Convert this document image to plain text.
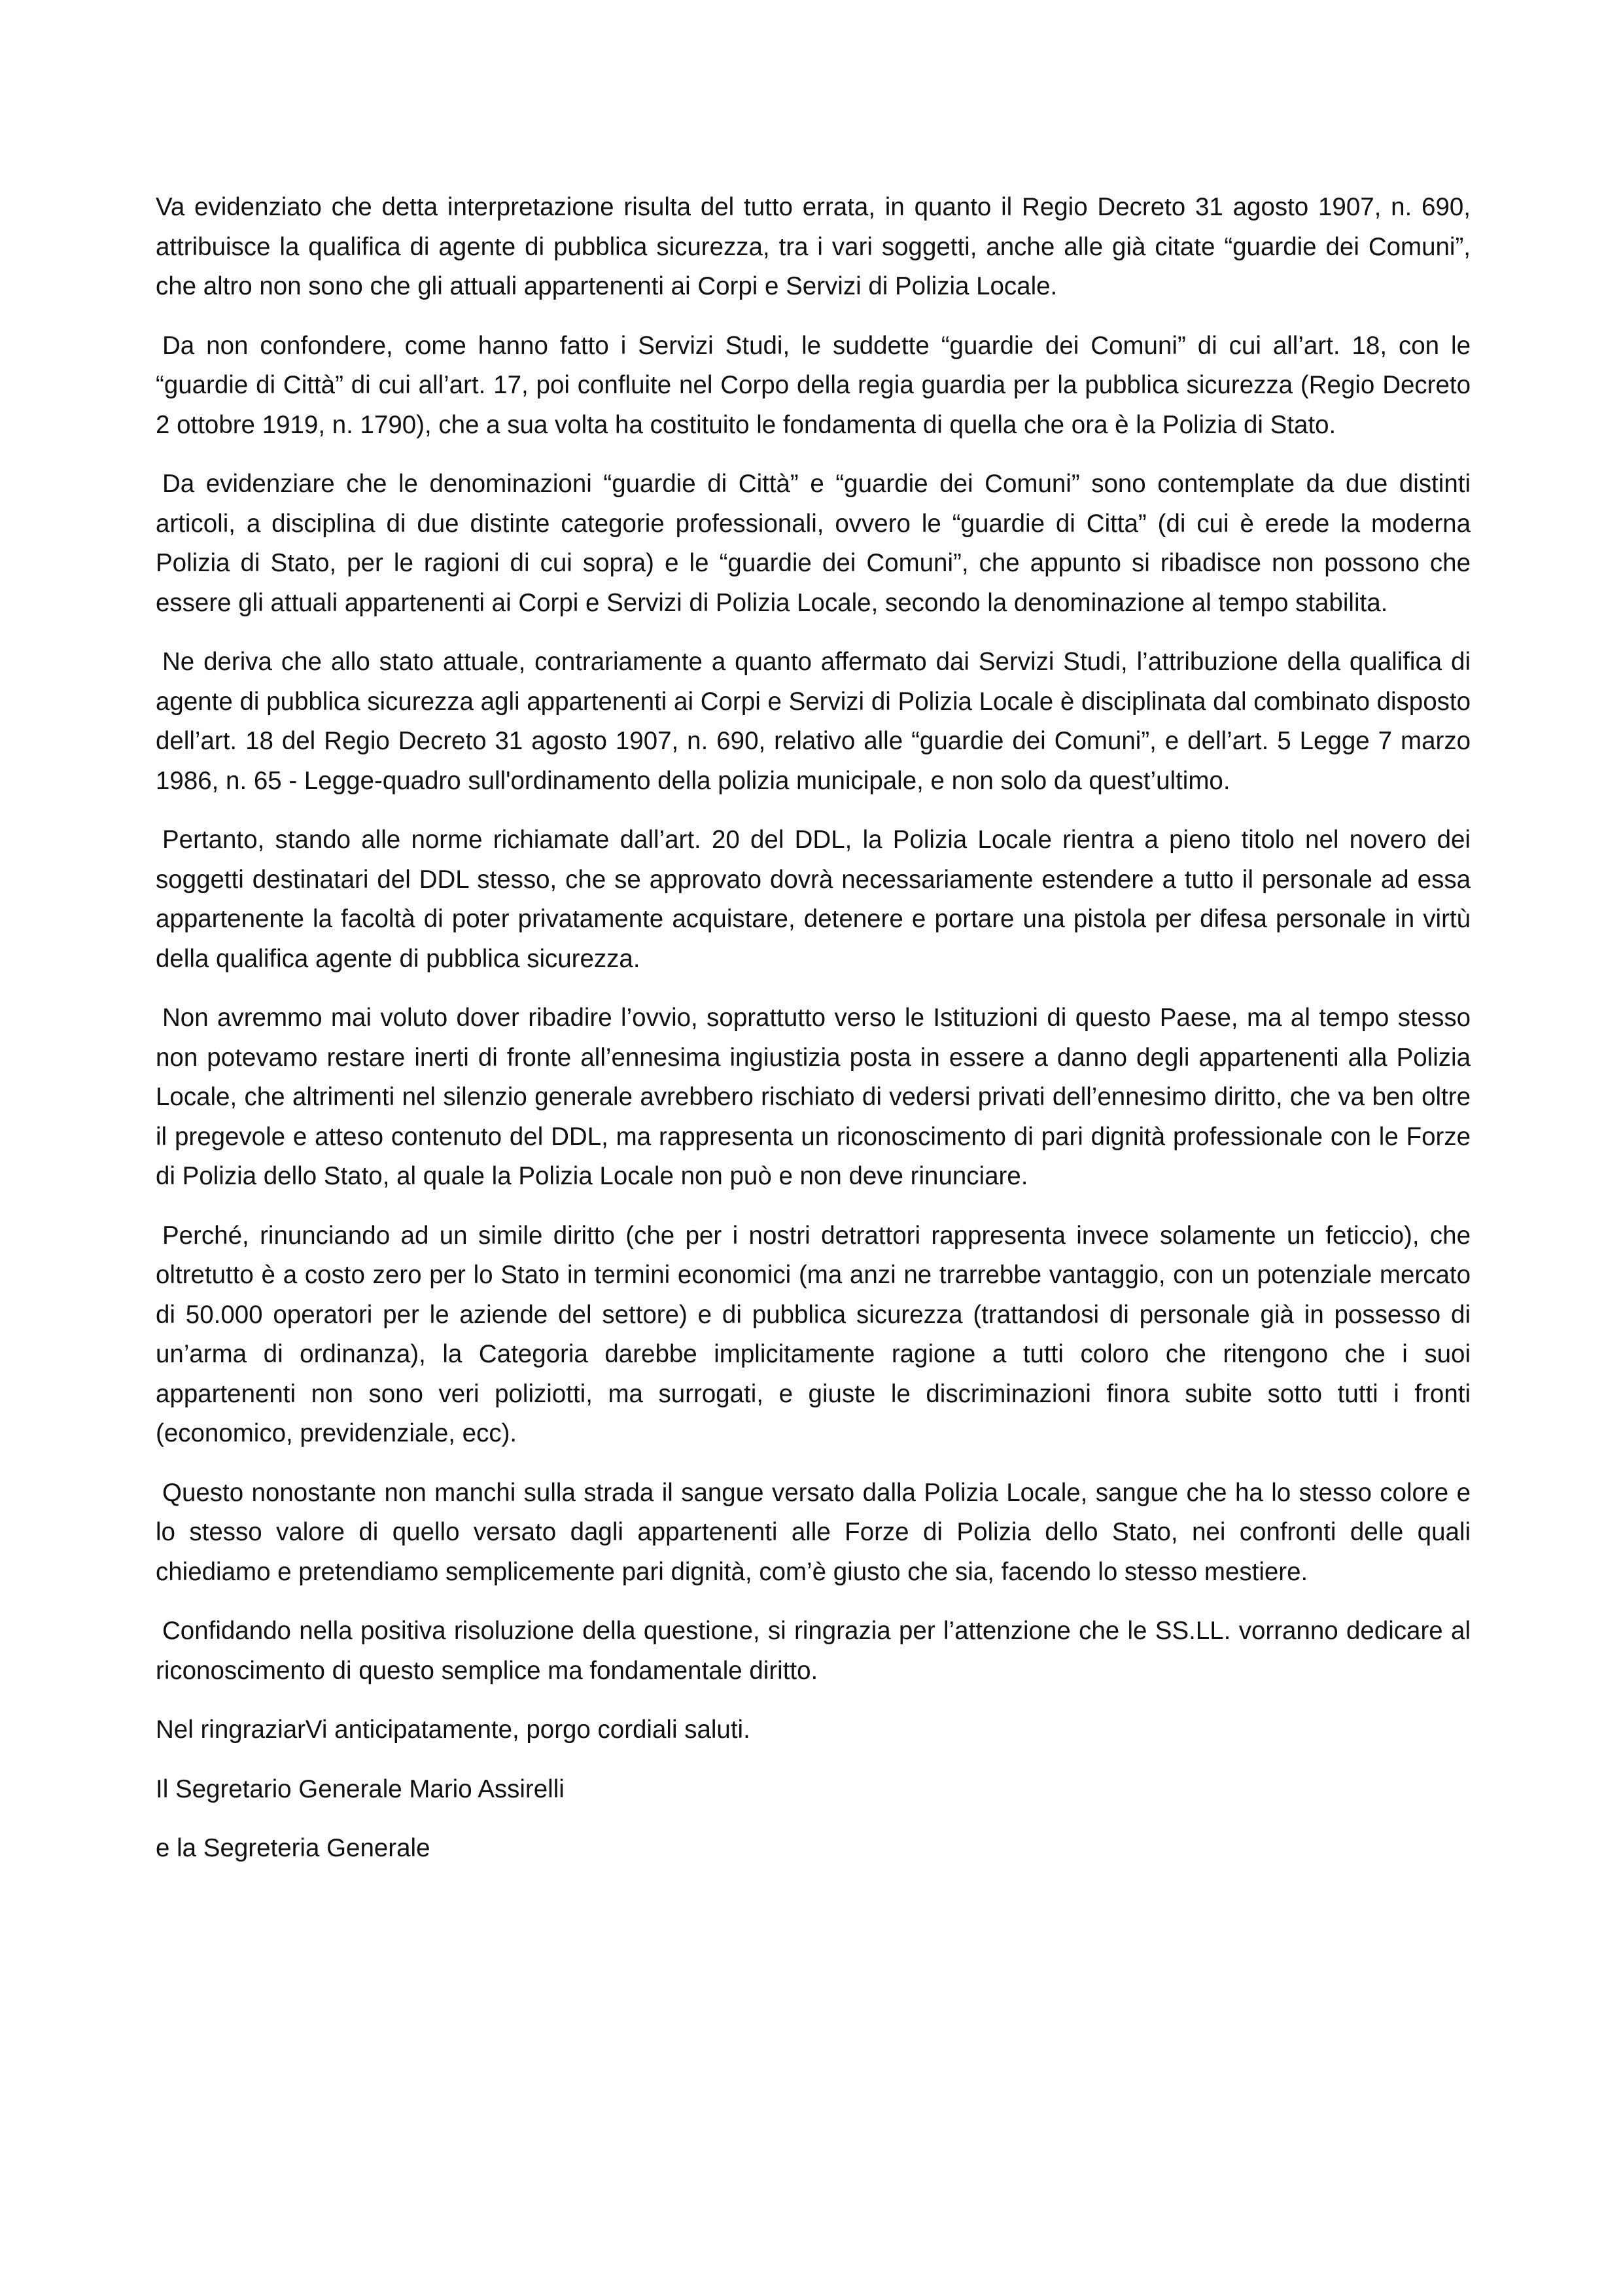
Va evidenziato che detta interpretazione risulta del tutto errata, in quanto il Regio Decreto 31 agosto 1907, n. 690, attribuisce la qualifica di agente di pubblica sicurezza, tra i vari soggetti, anche alle già citate “guardie dei Comuni”, che altro non sono che gli attuali appartenenti ai Corpi e Servizi di Polizia Locale.

Da non confondere, come hanno fatto i Servizi Studi, le suddette “guardie dei Comuni” di cui all’art. 18, con le “guardie di Città” di cui all’art. 17, poi confluite nel Corpo della regia guardia per la pubblica sicurezza (Regio Decreto 2 ottobre 1919, n. 1790), che a sua volta ha costituito le fondamenta di quella che ora è la Polizia di Stato.

Da evidenziare che le denominazioni “guardie di Città” e “guardie dei Comuni” sono contemplate da due distinti articoli, a disciplina di due distinte categorie professionali, ovvero le “guardie di Citta” (di cui è erede la moderna Polizia di Stato, per le ragioni di cui sopra) e le “guardie dei Comuni”, che appunto si ribadisce non possono che essere gli attuali appartenenti ai Corpi e Servizi di Polizia Locale, secondo la denominazione al tempo stabilita.

Ne deriva che allo stato attuale, contrariamente a quanto affermato dai Servizi Studi, l’attribuzione della qualifica di agente di pubblica sicurezza agli appartenenti ai Corpi e Servizi di Polizia Locale è disciplinata dal combinato disposto dell’art. 18 del Regio Decreto 31 agosto 1907, n. 690, relativo alle “guardie dei Comuni”, e dell’art. 5 Legge 7 marzo 1986, n. 65 - Legge-quadro sull'ordinamento della polizia municipale, e non solo da quest’ultimo.

Pertanto, stando alle norme richiamate dall’art. 20 del DDL, la Polizia Locale rientra a pieno titolo nel novero dei soggetti destinatari del DDL stesso, che se approvato dovrà necessariamente estendere a tutto il personale ad essa appartenente la facoltà di poter privatamente acquistare, detenere e portare una pistola per difesa personale in virtù della qualifica agente di pubblica sicurezza.

Non avremmo mai voluto dover ribadire l’ovvio, soprattutto verso le Istituzioni di questo Paese, ma al tempo stesso non potevamo restare inerti di fronte all’ennesima ingiustizia posta in essere a danno degli appartenenti alla Polizia Locale, che altrimenti nel silenzio generale avrebbero rischiato di vedersi privati dell’ennesimo diritto, che va ben oltre il pregevole e atteso contenuto del DDL, ma rappresenta un riconoscimento di pari dignità professionale con le Forze di Polizia dello Stato, al quale la Polizia Locale non può e non deve rinunciare.

Perché, rinunciando ad un simile diritto (che per i nostri detrattori rappresenta invece solamente un feticcio), che oltretutto è a costo zero per lo Stato in termini economici (ma anzi ne trarrebbe vantaggio, con un potenziale mercato di 50.000 operatori per le aziende del settore) e di pubblica sicurezza (trattandosi di personale già in possesso di un’arma di ordinanza), la Categoria darebbe implicitamente ragione a tutti coloro che ritengono che i suoi appartenenti non sono veri poliziotti, ma surrogati, e giuste le discriminazioni finora subite sotto tutti i fronti (economico, previdenziale, ecc).

Questo nonostante non manchi sulla strada il sangue versato dalla Polizia Locale, sangue che ha lo stesso colore e lo stesso valore di quello versato dagli appartenenti alle Forze di Polizia dello Stato, nei confronti delle quali chiediamo e pretendiamo semplicemente pari dignità, com’è giusto che sia, facendo lo stesso mestiere.

Confidando nella positiva risoluzione della questione, si ringrazia per l’attenzione che le SS.LL. vorranno dedicare al riconoscimento di questo semplice ma fondamentale diritto.

Nel ringraziarVi anticipatamente, porgo cordiali saluti.

Il Segretario Generale Mario Assirelli

e la Segreteria Generale
